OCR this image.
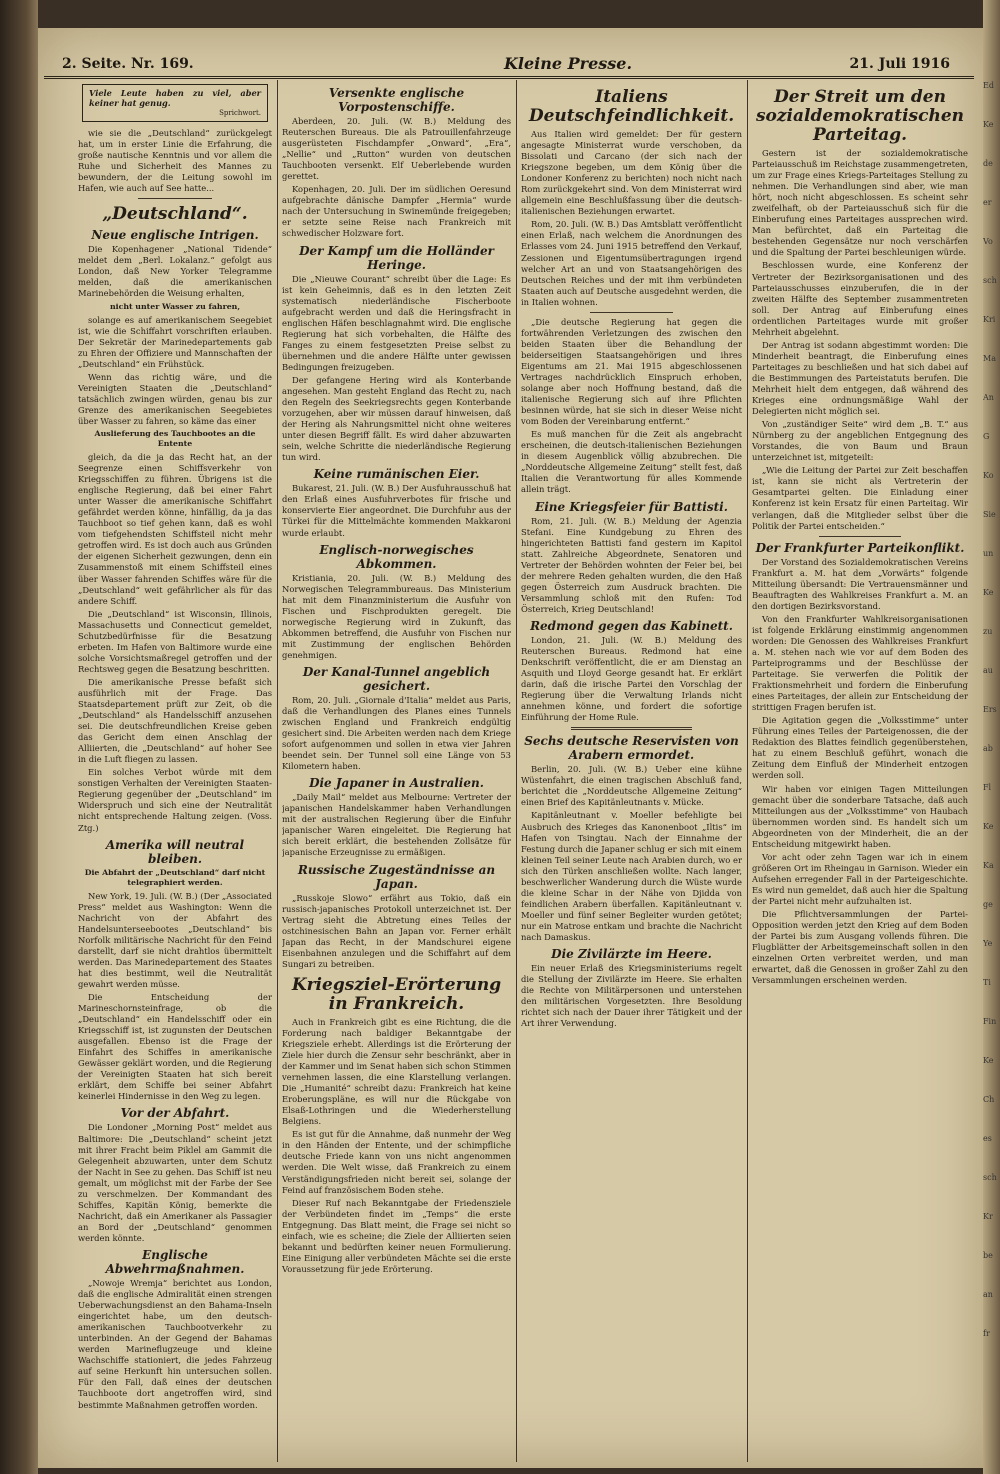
Ed
Ke
de
er
Vo
sch
Kri
Ma
An
G
Ko
Sie
un
Ke
zu
au
Ers
ab
Fl
Ke
Ka
ge
Ye
Ti
Fin
Ke
Ch
es
sch
Kr
be
an
fr
2. Seite. Nr. 169.	Kleine Presse.	21. Juli 1916
Viele Leute haben zu viel, aber keiner hat genug.
Sprichwort.

wie sie die „Deutschland“ zurückgelegt hat, um in erster Linie die Erfahrung, die große nautische Kenntnis und vor allem die Ruhe und Sicherheit des Mannes zu bewundern, der die Leitung sowohl im Hafen, wie auch auf See hatte...

„Deutschland“.
Neue englische Intrigen.

Die Kopenhagener „National Tidende“ meldet dem „Berl. Lokalanz.“ gefolgt aus London, daß New Yorker Telegramme melden, daß die amerikanischen Marinebehörden die Weisung erhalten,

nicht unter Wasser zu fahren,

solange es auf amerikanischem Seegebiet ist, wie die Schiffahrt vorschriften erlauben. Der Sekretär der Marinedepartements gab zu Ehren der Offiziere und Mannschaften der „Deutschland“ ein Frühstück.

Wenn das richtig wäre, und die Vereinigten Staaten die „Deutschland“ tatsächlich zwingen würden, genau bis zur Grenze des amerikanischen Seegebietes über Wasser zu fahren, so käme das einer

Auslieferung des Tauchbootes an die Entente

gleich, da die ja das Recht hat, an der Seegrenze einen Schiffsverkehr von Kriegsschiffen zu führen. Übrigens ist die englische Regierung, daß bei einer Fahrt unter Wasser die amerikanische Schiffahrt gefährdet werden könne, hinfällig, da ja das Tauchboot so tief gehen kann, daß es wohl vom tiefgehendsten Schiffsteil nicht mehr getroffen wird. Es ist doch auch aus Gründen der eigenen Sicherheit gezwungen, denn ein Zusammenstoß mit einem Schiffsteil eines über Wasser fahrenden Schiffes wäre für die „Deutschland“ weit gefährlicher als für das andere Schiff.

Die „Deutschland“ ist Wisconsin, Illinois, Massachusetts und Connecticut gemeldet, Schutzbedürfnisse für die Besatzung erbeten. Im Hafen von Baltimore wurde eine solche Vorsichtsmaßregel getroffen und der Rechtsweg gegen die Besatzung beschritten.

Die amerikanische Presse befaßt sich ausführlich mit der Frage. Das Staatsdepartement prüft zur Zeit, ob die „Deutschland“ als Handelsschiff anzusehen sei. Die deutschfreundlichen Kreise geben das Gericht dem einen Anschlag der Alliierten, die „Deutschland“ auf hoher See in die Luft fliegen zu lassen.

Ein solches Verbot würde mit dem sonstigen Verhalten der Vereinigten Staaten-Regierung gegenüber der „Deutschland“ im Widerspruch und sich eine der Neutralität nicht entsprechende Haltung zeigen. (Voss. Ztg.)

Amerika will neutral bleiben.
Die Abfahrt der „Deutschland“ darf nicht telegraphiert werden.

New York, 19. Juli. (W. B.) (Der „Associated Press“ meldet aus Washington: Wenn die Nachricht von der Abfahrt des Handelsunterseebootes „Deutschland“ bis Norfolk militärische Nachricht für den Feind darstellt, darf sie nicht drahtlos übermittelt werden. Das Marinedepartement des Staates hat dies bestimmt, weil die Neutralität gewahrt werden müsse.

Die Entscheidung der Marineschornsteinfrage, ob die „Deutschland“ ein Handelsschiff oder ein Kriegsschiff ist, ist zugunsten der Deutschen ausgefallen. Ebenso ist die Frage der Einfahrt des Schiffes in amerikanische Gewässer geklärt worden, und die Regierung der Vereinigten Staaten hat sich bereit erklärt, dem Schiffe bei seiner Abfahrt keinerlei Hindernisse in den Weg zu legen.

Vor der Abfahrt.

Die Londoner „Morning Post“ meldet aus Baltimore: Die „Deutschland“ scheint jetzt mit ihrer Fracht beim Piklel am Gammit die Gelegenheit abzuwarten, unter dem Schutz der Nacht in See zu gehen. Das Schiff ist neu gemalt, um möglichst mit der Farbe der See zu verschmelzen. Der Kommandant des Schiffes, Kapitän König, bemerkte die Nachricht, daß ein Amerikaner als Passagier an Bord der „Deutschland“ genommen werden könnte.

Englische Abwehrmaßnahmen.

„Nowoje Wremja“ berichtet aus London, daß die englische Admiralität einen strengen Ueberwachungsdienst an den Bahama-Inseln eingerichtet habe, um den deutsch-amerikanischen Tauchbootverkehr zu unterbinden. An der Gegend der Bahamas werden Marineflugzeuge und kleine Wachschiffe stationiert, die jedes Fahrzeug auf seine Herkunft hin untersuchen sollen. Für den Fall, daß eines der deutschen Tauchboote dort angetroffen wird, sind bestimmte Maßnahmen getroffen worden.

Versenkte englische Vorpostenschiffe.

Aberdeen, 20. Juli. (W. B.) Meldung des Reuterschen Bureaus. Die als Patrouillenfahrzeuge ausgerüsteten Fischdampfer „Onward“, „Era“, „Nellie“ und „Rutton“ wurden von deutschen Tauchbooten versenkt. Elf Ueberlebende wurden gerettet.

Kopenhagen, 20. Juli. Der im südlichen Oeresund aufgebrachte dänische Dampfer „Hermia“ wurde nach der Untersuchung in Swinemünde freigegeben; er setzte seine Reise nach Frankreich mit schwedischer Holzware fort.

Der Kampf um die Holländer Heringe.

Die „Nieuwe Courant“ schreibt über die Lage: Es ist kein Geheimnis, daß es in den letzten Zeit systematisch niederländische Fischerboote aufgebracht werden und daß die Heringsfracht in englischen Häfen beschlagnahmt wird. Die englische Regierung hat sich vorbehalten, die Hälfte des Fanges zu einem festgesetzten Preise selbst zu übernehmen und die andere Hälfte unter gewissen Bedingungen freizugeben.

Der gefangene Hering wird als Konterbande angesehen. Man gesteht England das Recht zu, nach den Regeln des Seekriegsrechts gegen Konterbande vorzugehen, aber wir müssen darauf hinweisen, daß der Hering als Nahrungsmittel nicht ohne weiteres unter diesen Begriff fällt. Es wird daher abzuwarten sein, welche Schritte die niederländische Regierung tun wird.

Keine rumänischen Eier.

Bukarest, 21. Juli. (W. B.) Der Ausfuhrausschuß hat den Erlaß eines Ausfuhrverbotes für frische und konservierte Eier angeordnet. Die Durchfuhr aus der Türkei für die Mittelmächte kommenden Makkaroni wurde erlaubt.

Englisch-norwegisches Abkommen.

Kristiania, 20. Juli. (W. B.) Meldung des Norwegischen Telegrammbureaus. Das Ministerium hat mit dem Finanzministerium die Ausfuhr von Fischen und Fischprodukten geregelt. Die norwegische Regierung wird in Zukunft, das Abkommen betreffend, die Ausfuhr von Fischen nur mit Zustimmung der englischen Behörden genehmigen.

Der Kanal-Tunnel angeblich gesichert.

Rom, 20. Juli. „Giornale d'Italia“ meldet aus Paris, daß die Verhandlungen des Planes eines Tunnels zwischen England und Frankreich endgültig gesichert sind. Die Arbeiten werden nach dem Kriege sofort aufgenommen und sollen in etwa vier Jahren beendet sein. Der Tunnel soll eine Länge von 53 Kilometern haben.

Die Japaner in Australien.

„Daily Mail“ meldet aus Melbourne: Vertreter der japanischen Handelskammer haben Verhandlungen mit der australischen Regierung über die Einfuhr japanischer Waren eingeleitet. Die Regierung hat sich bereit erklärt, die bestehenden Zollsätze für japanische Erzeugnisse zu ermäßigen.

Russische Zugeständnisse an Japan.

„Russkoje Slowo“ erfährt aus Tokio, daß ein russisch-japanisches Protokoll unterzeichnet ist. Der Vertrag sieht die Abtretung eines Teiles der ostchinesischen Bahn an Japan vor. Ferner erhält Japan das Recht, in der Mandschurei eigene Eisenbahnen anzulegen und die Schiffahrt auf dem Sungari zu betreiben.

Kriegsziel-Erörterung in Frankreich.

Auch in Frankreich gibt es eine Richtung, die die Forderung nach baldiger Bekanntgabe der Kriegsziele erhebt. Allerdings ist die Erörterung der Ziele hier durch die Zensur sehr beschränkt, aber in der Kammer und im Senat haben sich schon Stimmen vernehmen lassen, die eine Klarstellung verlangen. Die „Humanité“ schreibt dazu: Frankreich hat keine Eroberungspläne, es will nur die Rückgabe von Elsaß-Lothringen und die Wiederherstellung Belgiens.

Es ist gut für die Annahme, daß nunmehr der Weg in den Händen der Entente, und der schimpfliche deutsche Friede kann von uns nicht angenommen werden. Die Welt wisse, daß Frankreich zu einem Verständigungsfrieden nicht bereit sei, solange der Feind auf französischem Boden stehe.

Dieser Ruf nach Bekanntgabe der Friedensziele der Verbündeten findet im „Temps“ die erste Entgegnung. Das Blatt meint, die Frage sei nicht so einfach, wie es scheine; die Ziele der Alliierten seien bekannt und bedürften keiner neuen Formulierung. Eine Einigung aller verbündeten Mächte sei die erste Voraussetzung für jede Erörterung.

Italiens Deutschfeindlichkeit.

Aus Italien wird gemeldet: Der für gestern angesagte Ministerrat wurde verschoben, da Bissolati und Carcano (der sich nach der Kriegszone begeben, um dem König über die Londoner Konferenz zu berichten) noch nicht nach Rom zurückgekehrt sind. Von dem Ministerrat wird allgemein eine Beschlußfassung über die deutsch-italienischen Beziehungen erwartet.

Rom, 20. Juli. (W. B.) Das Amtsblatt veröffentlicht einen Erlaß, nach welchem die Anordnungen des Erlasses vom 24. Juni 1915 betreffend den Verkauf, Zessionen und Eigentumsübertragungen irgend welcher Art an und von Staatsangehörigen des Deutschen Reiches und der mit ihm verbündeten Staaten auch auf Deutsche ausgedehnt werden, die in Italien wohnen.

„Die deutsche Regierung hat gegen die fortwährenden Verletzungen des zwischen den beiden Staaten über die Behandlung der beiderseitigen Staatsangehörigen und ihres Eigentums am 21. Mai 1915 abgeschlossenen Vertrages nachdrücklich Einspruch erhoben, solange aber noch Hoffnung bestand, daß die italienische Regierung sich auf ihre Pflichten besinnen würde, hat sie sich in dieser Weise nicht vom Boden der Vereinbarung entfernt.“

Es muß manchen für die Zeit als angebracht erscheinen, die deutsch-italienischen Beziehungen in diesem Augenblick völlig abzubrechen. Die „Norddeutsche Allgemeine Zeitung“ stellt fest, daß Italien die Verantwortung für alles Kommende allein trägt.

Eine Kriegsfeier für Battisti.

Rom, 21. Juli. (W. B.) Meldung der Agenzia Stefani. Eine Kundgebung zu Ehren des hingerichteten Battisti fand gestern im Kapitol statt. Zahlreiche Abgeordnete, Senatoren und Vertreter der Behörden wohnten der Feier bei, bei der mehrere Reden gehalten wurden, die den Haß gegen Österreich zum Ausdruck brachten. Die Versammlung schloß mit den Rufen: Tod Österreich, Krieg Deutschland!

Redmond gegen das Kabinett.

London, 21. Juli. (W. B.) Meldung des Reuterschen Bureaus. Redmond hat eine Denkschrift veröffentlicht, die er am Dienstag an Asquith und Lloyd George gesandt hat. Er erklärt darin, daß die irische Partei den Vorschlag der Regierung über die Verwaltung Irlands nicht annehmen könne, und fordert die sofortige Einführung der Home Rule.

Sechs deutsche Reservisten von Arabern ermordet.

Berlin, 20. Juli. (W. B.) Ueber eine kühne Wüstenfahrt, die einen tragischen Abschluß fand, berichtet die „Norddeutsche Allgemeine Zeitung“ einen Brief des Kapitänleutnants v. Mücke.

Kapitänleutnant v. Moeller befehligte bei Ausbruch des Krieges das Kanonenboot „Iltis“ im Hafen von Tsingtau. Nach der Einnahme der Festung durch die Japaner schlug er sich mit einem kleinen Teil seiner Leute nach Arabien durch, wo er sich den Türken anschließen wollte. Nach langer, beschwerlicher Wanderung durch die Wüste wurde die kleine Schar in der Nähe von Djidda von feindlichen Arabern überfallen. Kapitänleutnant v. Moeller und fünf seiner Begleiter wurden getötet; nur ein Matrose entkam und brachte die Nachricht nach Damaskus.

Die Zivilärzte im Heere.

Ein neuer Erlaß des Kriegsministeriums regelt die Stellung der Zivilärzte im Heere. Sie erhalten die Rechte von Militärpersonen und unterstehen den militärischen Vorgesetzten. Ihre Besoldung richtet sich nach der Dauer ihrer Tätigkeit und der Art ihrer Verwendung.

Der Streit um den sozialdemokratischen Parteitag.

Gestern ist der sozialdemokratische Parteiausschuß im Reichstage zusammengetreten, um zur Frage eines Kriegs-Parteitages Stellung zu nehmen. Die Verhandlungen sind aber, wie man hört, noch nicht abgeschlossen. Es scheint sehr zweifelhaft, ob der Parteiausschuß sich für die Einberufung eines Parteitages aussprechen wird. Man befürchtet, daß ein Parteitag die bestehenden Gegensätze nur noch verschärfen und die Spaltung der Partei beschleunigen würde.

Beschlossen wurde, eine Konferenz der Vertreter der Bezirksorganisationen und des Parteiausschusses einzuberufen, die in der zweiten Hälfte des September zusammentreten soll. Der Antrag auf Einberufung eines ordentlichen Parteitages wurde mit großer Mehrheit abgelehnt.

Der Antrag ist sodann abgestimmt worden: Die Minderheit beantragt, die Einberufung eines Parteitages zu beschließen und hat sich dabei auf die Bestimmungen des Parteistatuts berufen. Die Mehrheit hielt dem entgegen, daß während des Krieges eine ordnungsmäßige Wahl der Delegierten nicht möglich sei.

Von „zuständiger Seite“ wird dem „B. T.“ aus Nürnberg zu der angeblichen Entgegnung des Vorstandes, die von Baum und Braun unterzeichnet ist, mitgeteilt:

„Wie die Leitung der Partei zur Zeit beschaffen ist, kann sie nicht als Vertreterin der Gesamtpartei gelten. Die Einladung einer Konferenz ist kein Ersatz für einen Parteitag. Wir verlangen, daß die Mitglieder selbst über die Politik der Partei entscheiden.“

Der Frankfurter Parteikonflikt.

Der Vorstand des Sozialdemokratischen Vereins Frankfurt a. M. hat dem „Vorwärts“ folgende Mitteilung übersandt: Die Vertrauensmänner und Beauftragten des Wahlkreises Frankfurt a. M. an den dortigen Bezirksvorstand.

Von den Frankfurter Wahlkreisorganisationen ist folgende Erklärung einstimmig angenommen worden: Die Genossen des Wahlkreises Frankfurt a. M. stehen nach wie vor auf dem Boden des Parteiprogramms und der Beschlüsse der Parteitage. Sie verwerfen die Politik der Fraktionsmehrheit und fordern die Einberufung eines Parteitages, der allein zur Entscheidung der strittigen Fragen berufen ist.

Die Agitation gegen die „Volksstimme“ unter Führung eines Teiles der Parteigenossen, die der Redaktion des Blattes feindlich gegenüberstehen, hat zu einem Beschluß geführt, wonach die Zeitung dem Einfluß der Minderheit entzogen werden soll.

Wir haben vor einigen Tagen Mitteilungen gemacht über die sonderbare Tatsache, daß auch Mitteilungen aus der „Volksstimme“ von Haubach übernommen worden sind. Es handelt sich um Abgeordneten von der Minderheit, die an der Entscheidung mitgewirkt haben.

Vor acht oder zehn Tagen war ich in einem größeren Ort im Rheingau in Garnison. Wieder ein Aufsehen erregender Fall in der Parteigeschichte. Es wird nun gemeldet, daß auch hier die Spaltung der Partei nicht mehr aufzuhalten ist.

Die Pflichtversammlungen der Partei-Opposition werden jetzt den Krieg auf dem Boden der Partei bis zum Ausgang vollends führen. Die Flugblätter der Arbeitsgemeinschaft sollen in den einzelnen Orten verbreitet werden, und man erwartet, daß die Genossen in großer Zahl zu den Versammlungen erscheinen werden.
